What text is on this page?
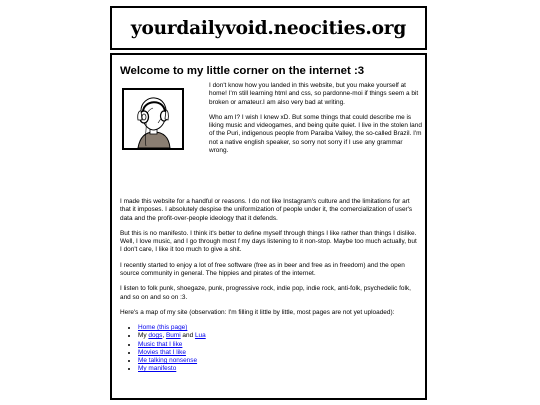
yourdailyvoid.neocities.org
Welcome to my little corner on the internet :3

I don't know how you landed in this website, but you make yourself at home! I'm still learning html and css, so pardonne-moi if things seem a bit broken or amateur.I am also very bad at writing.

Who am I? I wish I knew xD. But some things that could describe me is liking music and videogames, and being quite quiet. I live in the stolen land of the Puri, indigenous people from Paraíba Valley, the so-called Brazil. I'm not a native english speaker, so sorry not sorry if I use any grammar wrong.

I made this website for a handful or reasons. I do not like Instagram's culture and the limitations for art that it imposes. I absolutely despise the uniformization of people under it, the comercialization of user's data and the profit-over-people ideology that it defends.

But this is no manifesto. I think it's better to define myself through things I like rather than things I dislike. Well, I love music, and I go through most f my days listening to it non-stop. Maybe too much actually, but I don't care, I like it too much to give a shit.

I recently started to enjoy a lot of free software (free as in beer and free as in freedom) and the open source community in general. The hippies and pirates of the internet.

I listen to folk punk, shoegaze, punk, progressive rock, indie pop, indie rock, anti-folk, psychedelic folk, and so on and so on :3.

Here's a map of my site (observation: I'm filling it little by little, most pages are not yet uploaded):

• Home (this page)
• My dogs, Bumi and Lua
• Music that I like
• Movies that I like
• Me talking nonsense
• My manifesto
